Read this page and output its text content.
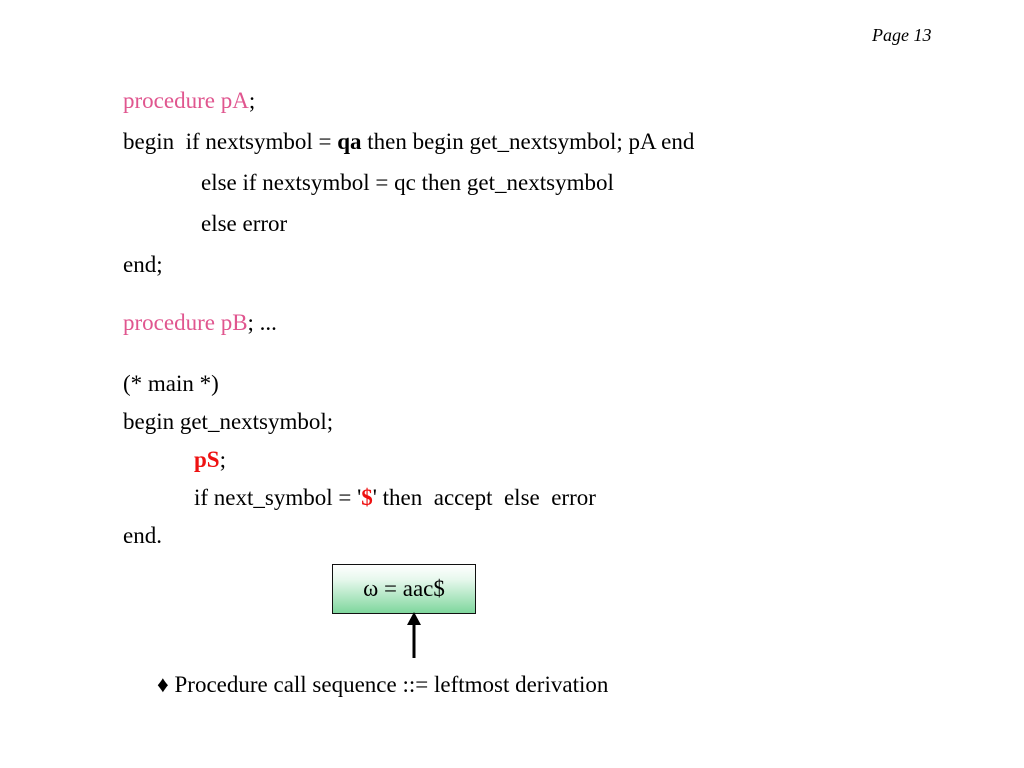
Page 13
procedure pA;
begin  if nextsymbol = qa then begin get_nextsymbol; pA end
else if nextsymbol = qc then get_nextsymbol
else error
end;
procedure pB; ...
(* main *)
begin get_nextsymbol;
pS;
if next_symbol = '$' then  accept  else  error
end.
ω = aac$
♦ Procedure call sequence ::= leftmost derivation
